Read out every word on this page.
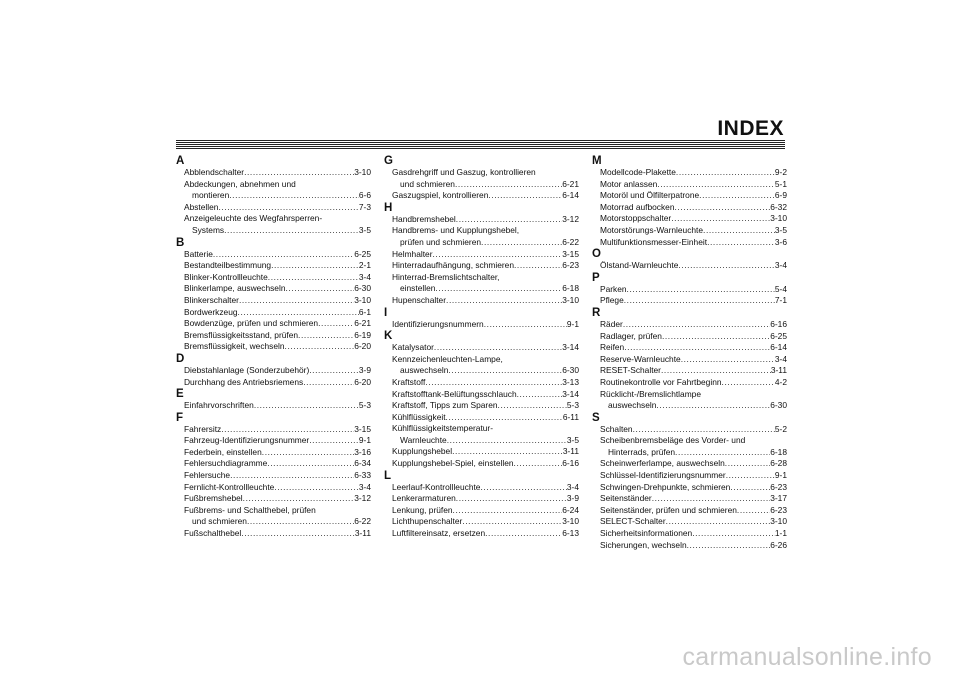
INDEX
A
Abblendschalter .....	3-10
Abdeckungen, abnehmen und
montieren .....	6-6
Abstellen .....	7-3
Anzeigeleuchte des Wegfahrsperren-
Systems .....	3-5
B
Batterie .....	6-25
Bestandteilbestimmung .....	2-1
Blinker-Kontrollleuchte .....	3-4
Blinkerlampe, auswechseln .....	6-30
Blinkerschalter .....	3-10
Bordwerkzeug .....	6-1
Bowdenzüge, prüfen und schmieren .....	6-21
Bremsflüssigkeitsstand, prüfen .....	6-19
Bremsflüssigkeit, wechseln .....	6-20
D
Diebstahlanlage (Sonderzubehör) .....	3-9
Durchhang des Antriebsriemens .....	6-20
E
Einfahrvorschriften .....	5-3
F
Fahrersitz .....	3-15
Fahrzeug-Identifizierungsnummer .....	9-1
Federbein, einstellen .....	3-16
Fehlersuchdiagramme .....	6-34
Fehlersuche .....	6-33
Fernlicht-Kontrollleuchte .....	3-4
Fußbremshebel .....	3-12
Fußbrems- und Schalthebel, prüfen
und schmieren .....	6-22
Fußschalthebel .....	3-11
G
Gasdrehgriff und Gaszug, kontrollieren
und schmieren .....	6-21
Gaszugspiel, kontrollieren .....	6-14
H
Handbremshebel .....	3-12
Handbrems- und Kupplungshebel,
prüfen und schmieren .....	6-22
Helmhalter .....	3-15
Hinterradaufhängung, schmieren .....	6-23
Hinterrad-Bremslichtschalter,
einstellen .....	6-18
Hupenschalter .....	3-10
I
Identifizierungsnummern .....	9-1
K
Katalysator .....	3-14
Kennzeichenleuchten-Lampe,
auswechseln .....	6-30
Kraftstoff .....	3-13
Kraftstofftank-Belüftungsschlauch .....	3-14
Kraftstoff, Tipps zum Sparen .....	5-3
Kühlflüssigkeit .....	6-11
Kühlflüssigkeitstemperatur-
Warnleuchte .....	3-5
Kupplungshebel .....	3-11
Kupplungshebel-Spiel, einstellen .....	6-16
L
Leerlauf-Kontrollleuchte .....	3-4
Lenkerarmaturen .....	3-9
Lenkung, prüfen .....	6-24
Lichthupenschalter .....	3-10
Luftfiltereinsatz, ersetzen .....	6-13
M
Modellcode-Plakette .....	9-2
Motor anlassen .....	5-1
Motoröl und Ölfilterpatrone .....	6-9
Motorrad aufbocken .....	6-32
Motorstoppschalter .....	3-10
Motorstörungs-Warnleuchte .....	3-5
Multifunktionsmesser-Einheit .....	3-6
O
Ölstand-Warnleuchte .....	3-4
P
Parken .....	5-4
Pflege .....	7-1
R
Räder .....	6-16
Radlager, prüfen .....	6-25
Reifen .....	6-14
Reserve-Warnleuchte .....	3-4
RESET-Schalter .....	3-11
Routinekontrolle vor Fahrtbeginn .....	4-2
Rücklicht-/Bremslichtlampe
auswechseln .....	6-30
S
Schalten .....	5-2
Scheibenbremsbeläge des Vorder- und
Hinterrads, prüfen .....	6-18
Scheinwerferlampe, auswechseln .....	6-28
Schlüssel-Identifizierungsnummer .....	9-1
Schwingen-Drehpunkte, schmieren .....	6-23
Seitenständer .....	3-17
Seitenständer, prüfen und schmieren .....	6-23
SELECT-Schalter .....	3-10
Sicherheitsinformationen .....	1-1
Sicherungen, wechseln .....	6-26
carmanualsonline.info
